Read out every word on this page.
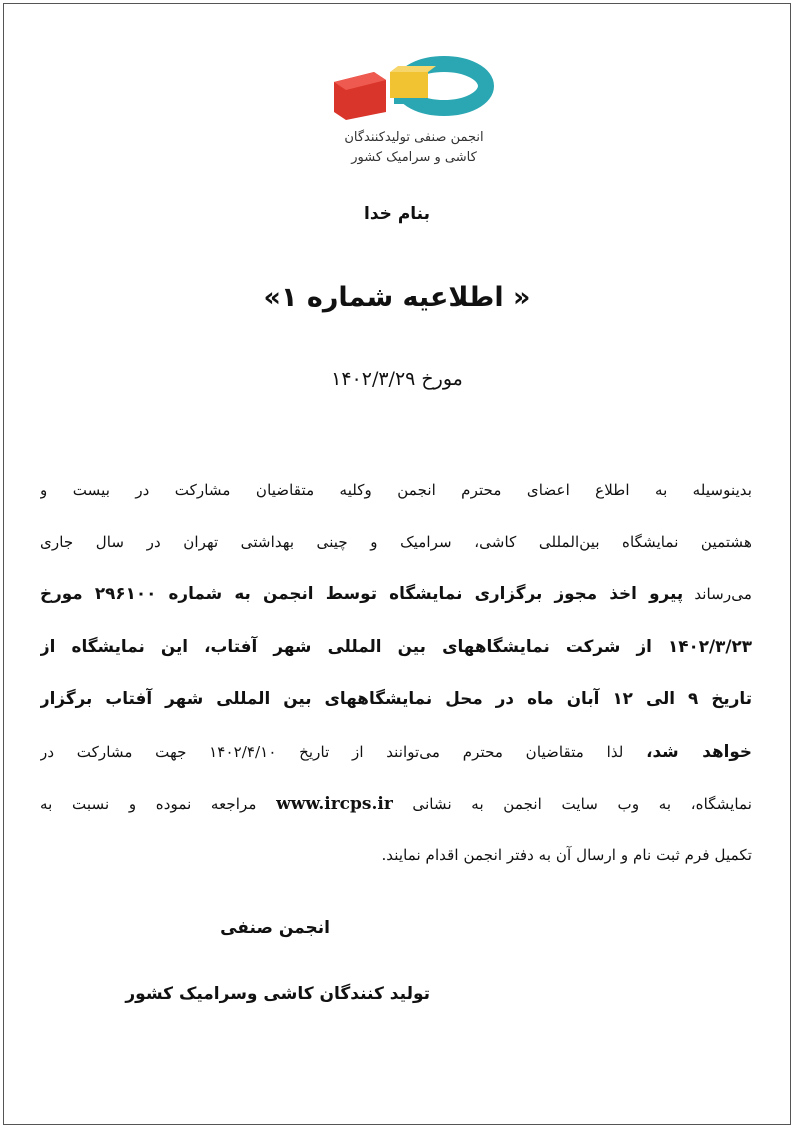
انجمن صنفی تولیدکنندگان
کاشی و سرامیک کشور
بنام خدا
« اطلاعیه شماره ۱»
مورخ ۱۴۰۲/۳/۲۹
بدینوسیله به اطلاع اعضای محترم انجمن وکلیه متقاضیان مشارکت در بیست و
هشتمین نمایشگاه بین‌المللی کاشی، سرامیک و چینی بهداشتی تهران در سال جاری
می‌رساند پیرو اخذ مجوز برگزاری نمایشگاه توسط انجمن به شماره ۲۹۶۱۰۰ مورخ
۱۴۰۲/۳/۲۳ از شرکت نمایشگاههای بین المللی شهر آفتاب، این نمایشگاه از
تاریخ ۹ الی ۱۲ آبان ماه در محل نمایشگاههای بین المللی شهر آفتاب برگزار
خواهد شد، لذا متقاضیان محترم می‌توانند از تاریخ ۱۴۰۲/۴/۱۰ جهت مشارکت در
نمایشگاه، به وب سایت انجمن به نشانی www.ircps.ir مراجعه نموده و نسبت به
تکمیل فرم ثبت نام و ارسال آن به دفتر انجمن اقدام نمایند.
انجمن صنفی
تولید کنندگان کاشی وسرامیک کشور
